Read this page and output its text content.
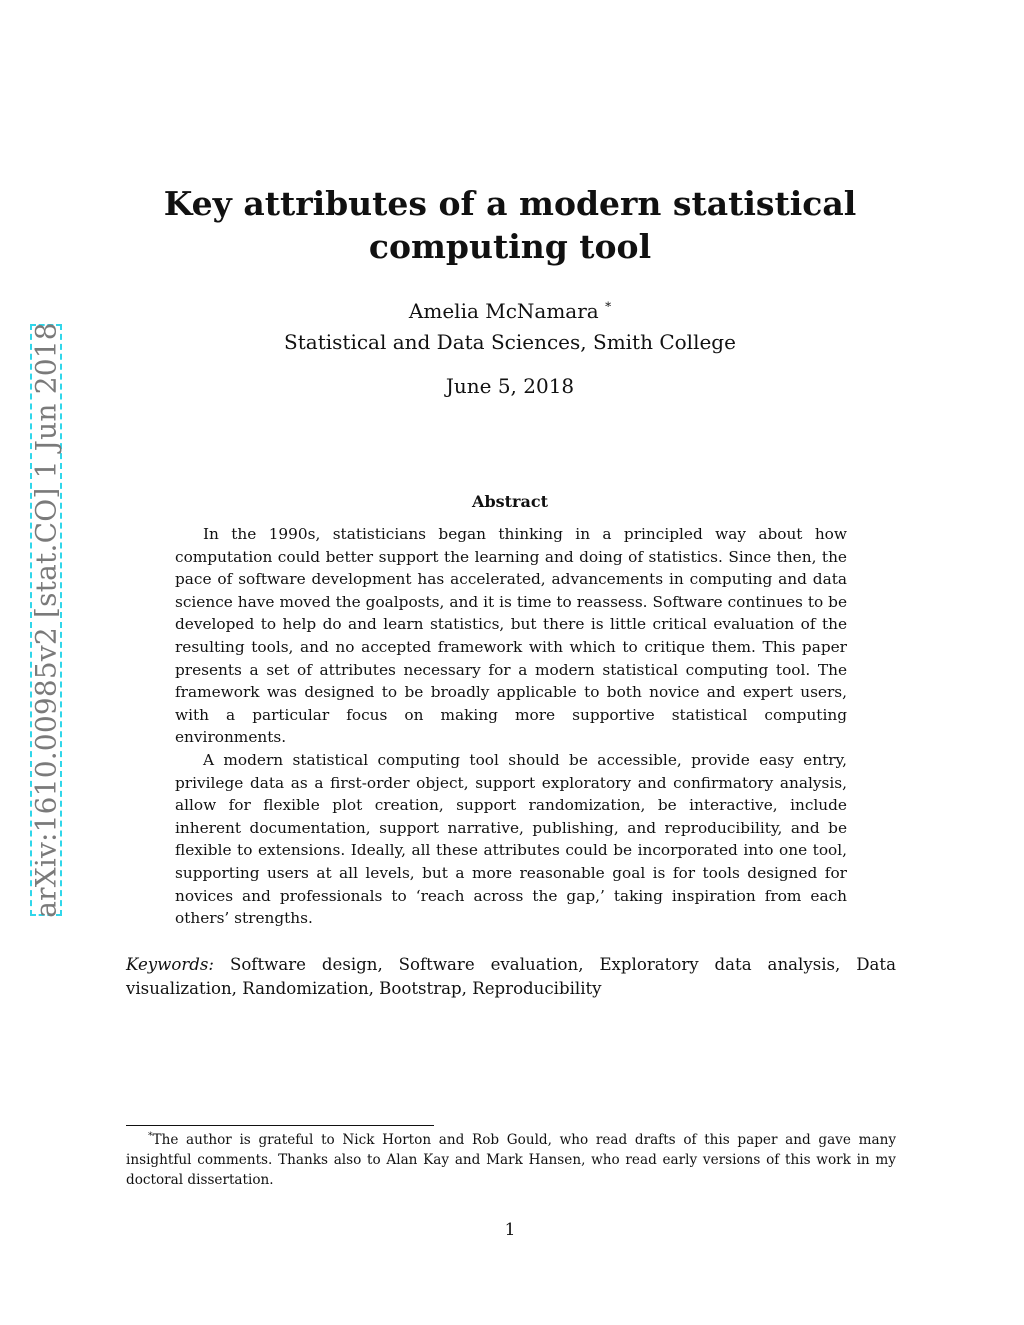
arXiv:1610.00985v2 [stat.CO] 1 Jun 2018
Key attributes of a modern statistical
computing tool
Amelia McNamara *
Statistical and Data Sciences, Smith College
June 5, 2018
Abstract

In the 1990s, statisticians began thinking in a principled way about how computation could better support the learning and doing of statistics. Since then, the pace of software development has accelerated, advancements in computing and data science have moved the goalposts, and it is time to reassess. Software continues to be developed to help do and learn statistics, but there is little critical evaluation of the resulting tools, and no accepted framework with which to critique them. This paper presents a set of attributes necessary for a modern statistical computing tool. The framework was designed to be broadly applicable to both novice and expert users, with a particular focus on making more supportive statistical computing environments.

A modern statistical computing tool should be accessible, provide easy entry, privilege data as a first-order object, support exploratory and confirmatory analysis, allow for flexible plot creation, support randomization, be interactive, include inherent documentation, support narrative, publishing, and reproducibility, and be flexible to extensions. Ideally, all these attributes could be incorporated into one tool, supporting users at all levels, but a more reasonable goal is for tools designed for novices and professionals to ‘reach across the gap,’ taking inspiration from each others’ strengths.

Keywords: Software design, Software evaluation, Exploratory data analysis, Data visualization, Randomization, Bootstrap, Reproducibility
*The author is grateful to Nick Horton and Rob Gould, who read drafts of this paper and gave many insightful comments. Thanks also to Alan Kay and Mark Hansen, who read early versions of this work in my doctoral dissertation.
1
